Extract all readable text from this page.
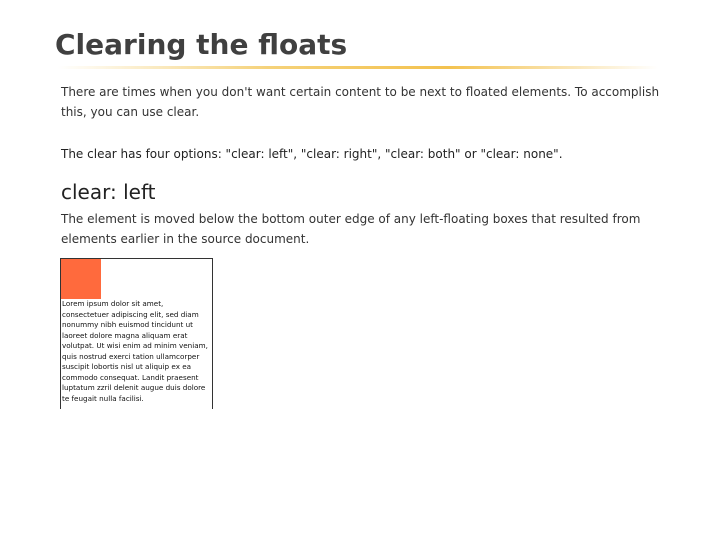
Clearing the floats

There are times when you don't want certain content to be next to floated elements. To accomplish this, you can use clear.

The clear has four options: "clear: left", "clear: right", "clear: both" or "clear: none".

clear: left

The element is moved below the bottom outer edge of any left-floating boxes that resulted from elements earlier in the source document.

Lorem ipsum dolor sit amet, consectetuer adipiscing elit, sed diam nonummy nibh euismod tincidunt ut laoreet dolore magna aliquam erat volutpat. Ut wisi enim ad minim veniam, quis nostrud exerci tation ullamcorper suscipit lobortis nisl ut aliquip ex ea commodo consequat. Landit praesent luptatum zzril delenit augue duis dolore te feugait nulla facilisi.
